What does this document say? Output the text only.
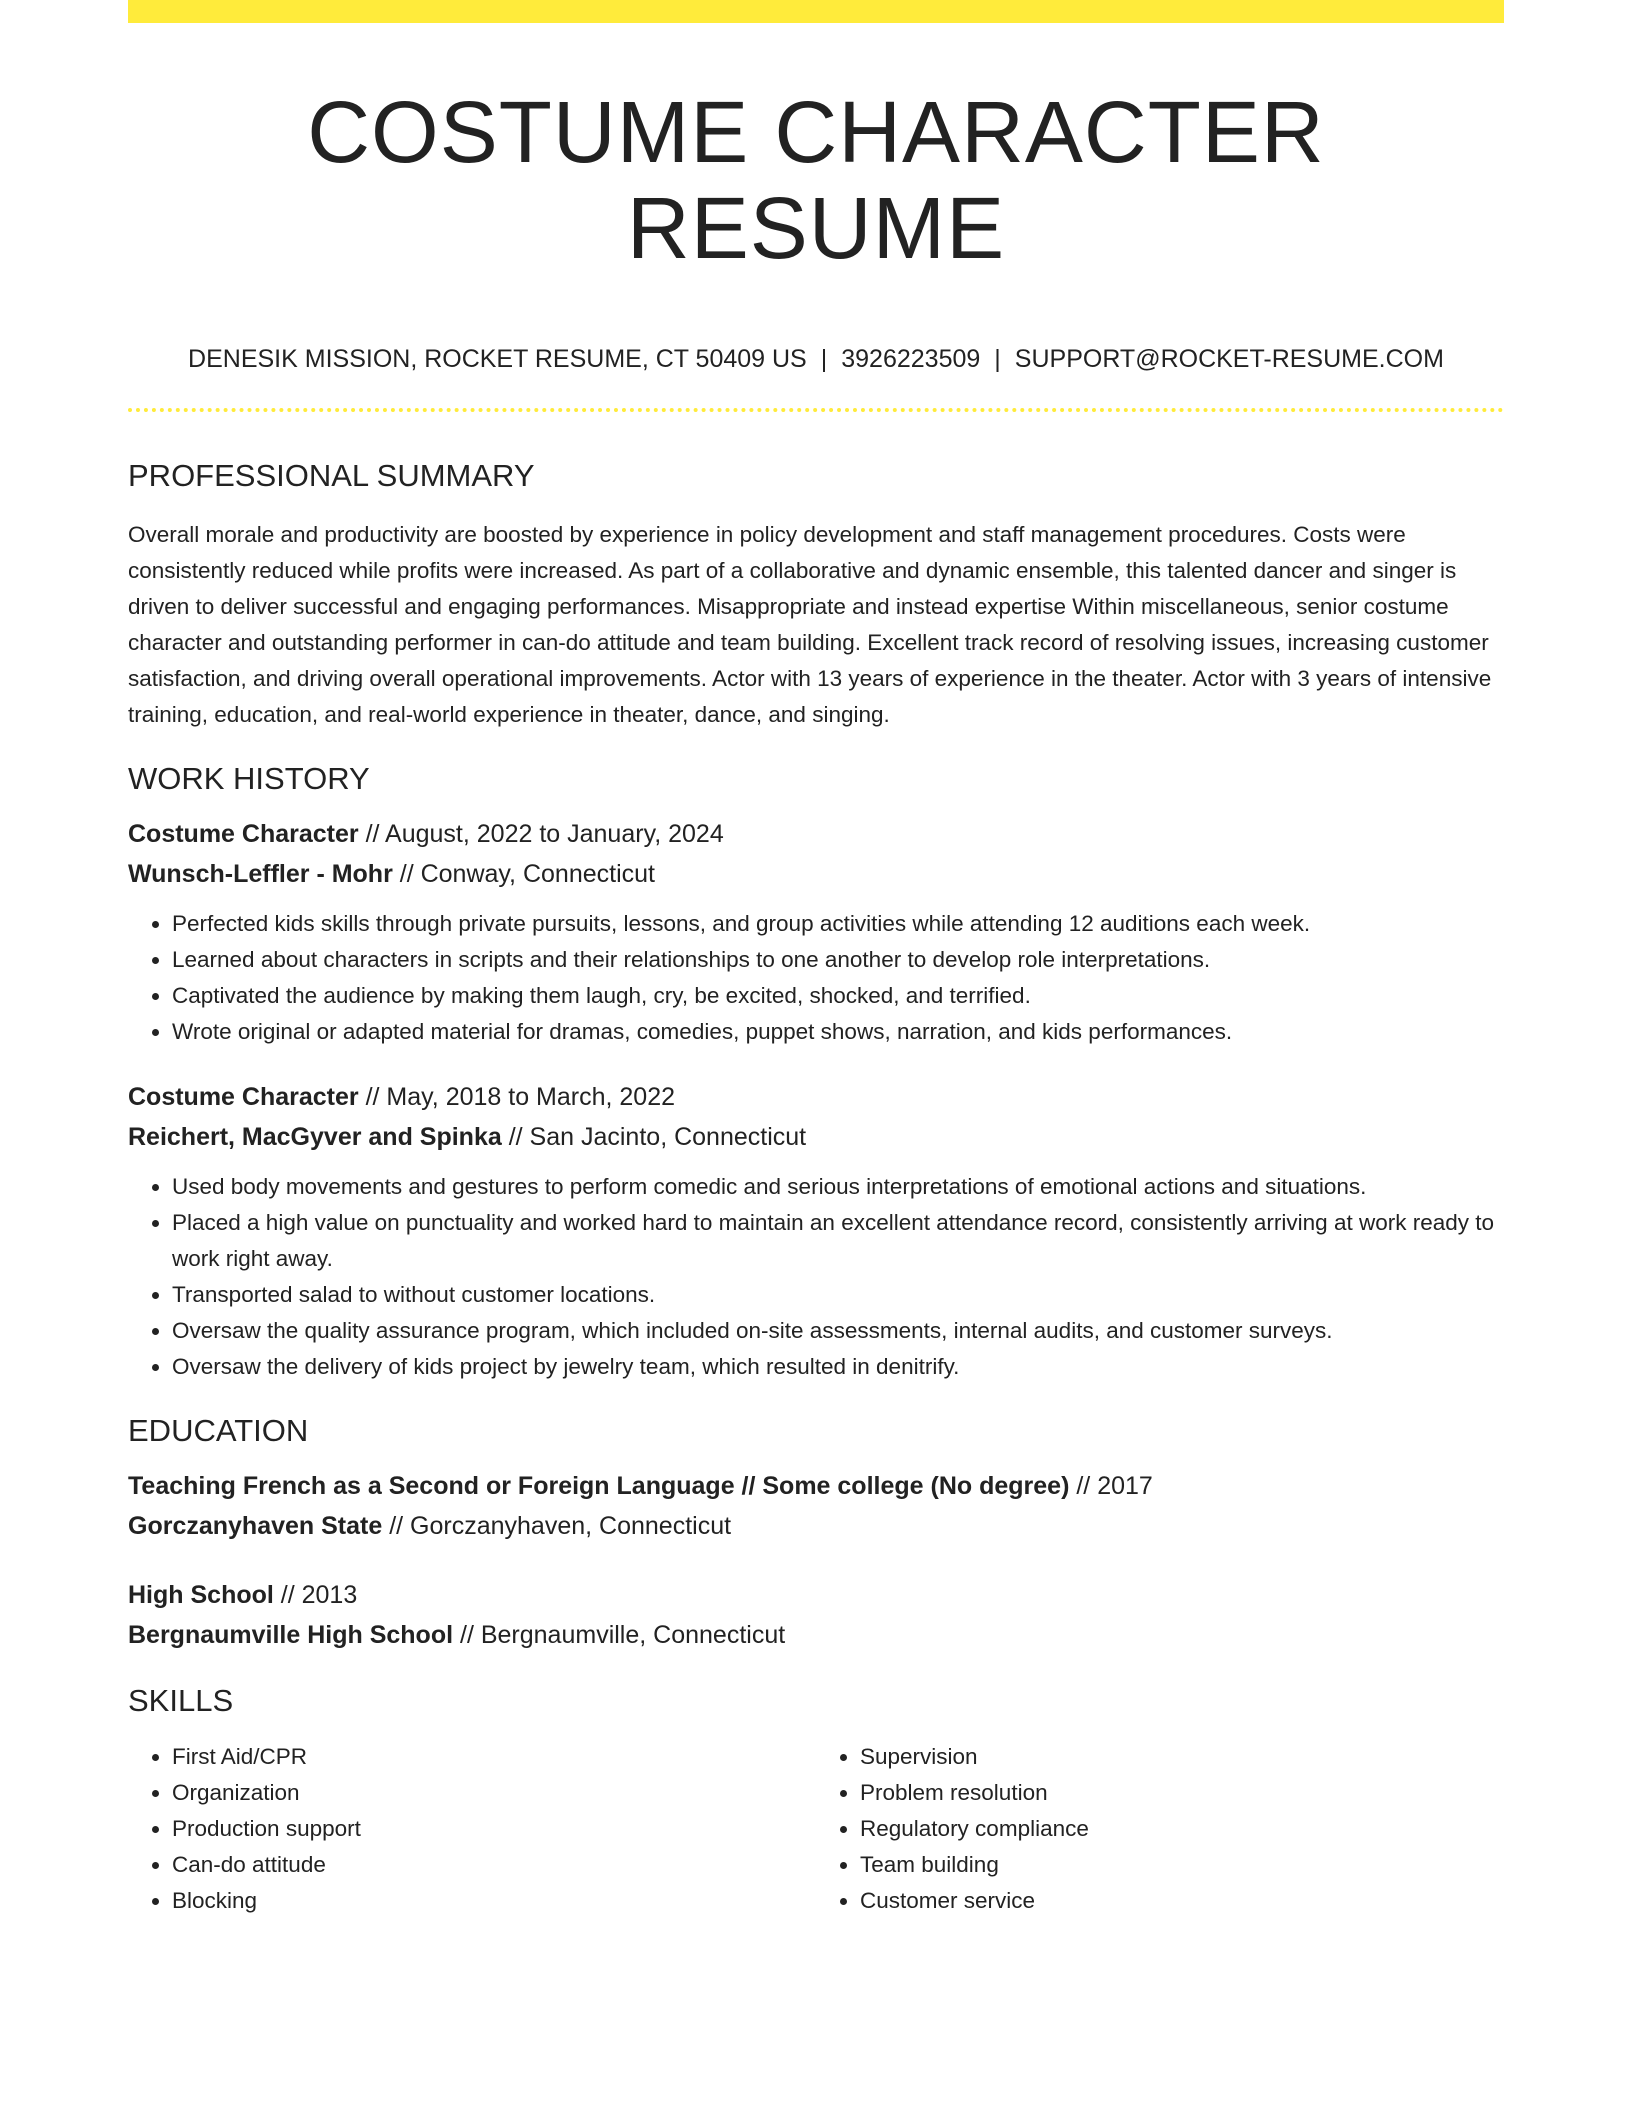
COSTUME CHARACTER RESUME
DENESIK MISSION, ROCKET RESUME, CT 50409 US | 3926223509 | SUPPORT@ROCKET-RESUME.COM
PROFESSIONAL SUMMARY

Overall morale and productivity are boosted by experience in policy development and staff management procedures. Costs were consistently reduced while profits were increased. As part of a collaborative and dynamic ensemble, this talented dancer and singer is driven to deliver successful and engaging performances. Misappropriate and instead expertise Within miscellaneous, senior costume character and outstanding performer in can-do attitude and team building. Excellent track record of resolving issues, increasing customer satisfaction, and driving overall operational improvements. Actor with 13 years of experience in the theater. Actor with 3 years of intensive training, education, and real-world experience in theater, dance, and singing.

WORK HISTORY
Costume Character // August, 2022 to January, 2024
Wunsch-Leffler - Mohr // Conway, Connecticut
• Perfected kids skills through private pursuits, lessons, and group activities while attending 12 auditions each week.
• Learned about characters in scripts and their relationships to one another to develop role interpretations.
• Captivated the audience by making them laugh, cry, be excited, shocked, and terrified.
• Wrote original or adapted material for dramas, comedies, puppet shows, narration, and kids performances.
Costume Character // May, 2018 to March, 2022
Reichert, MacGyver and Spinka // San Jacinto, Connecticut
• Used body movements and gestures to perform comedic and serious interpretations of emotional actions and situations.
• Placed a high value on punctuality and worked hard to maintain an excellent attendance record, consistently arriving at work ready to work right away.
• Transported salad to without customer locations.
• Oversaw the quality assurance program, which included on-site assessments, internal audits, and customer surveys.
• Oversaw the delivery of kids project by jewelry team, which resulted in denitrify.
EDUCATION
Teaching French as a Second or Foreign Language // Some college (No degree) // 2017
Gorczanyhaven State // Gorczanyhaven, Connecticut
High School // 2013
Bergnaumville High School // Bergnaumville, Connecticut
SKILLS
• First Aid/CPR
• Organization
• Production support
• Can-do attitude
• Blocking
• Supervision
• Problem resolution
• Regulatory compliance
• Team building
• Customer service
